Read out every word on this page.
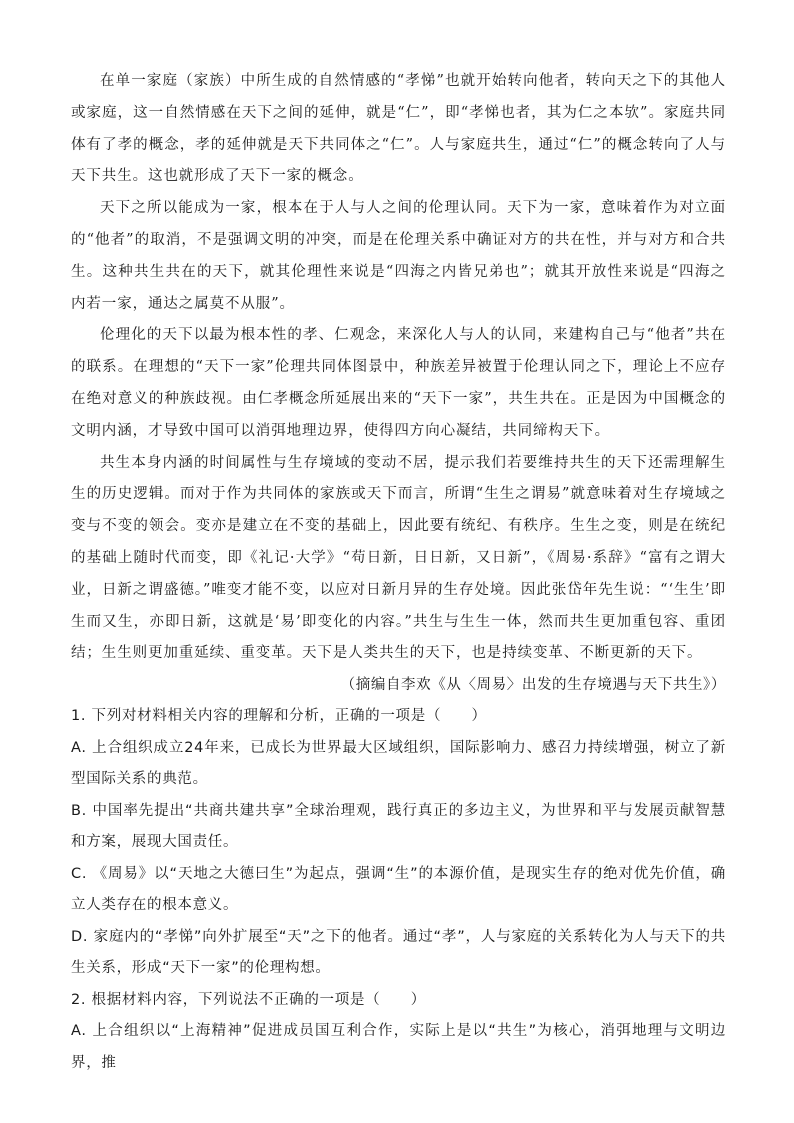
在单一家庭（家族）中所生成的自然情感的“孝悌”也就开始转向他者，转向天之下的其他人或家庭，这一自然情感在天下之间的延伸，就是“仁”，即“孝悌也者，其为仁之本欤”。家庭共同体有了孝的概念，孝的延伸就是天下共同体之“仁”。人与家庭共生，通过“仁”的概念转向了人与天下共生。这也就形成了天下一家的概念。

天下之所以能成为一家，根本在于人与人之间的伦理认同。天下为一家，意味着作为对立面的“他者”的取消，不是强调文明的冲突，而是在伦理关系中确证对方的共在性，并与对方和合共生。这种共生共在的天下，就其伦理性来说是“四海之内皆兄弟也”；就其开放性来说是“四海之内若一家，通达之属莫不从服”。

伦理化的天下以最为根本性的孝、仁观念，来深化人与人的认同，来建构自己与“他者”共在的联系。在理想的“天下一家”伦理共同体图景中，种族差异被置于伦理认同之下，理论上不应存在绝对意义的种族歧视。由仁孝概念所延展出来的“天下一家”，共生共在。正是因为中国概念的文明内涵，才导致中国可以消弭地理边界，使得四方向心凝结，共同缔构天下。

共生本身内涵的时间属性与生存境域的变动不居，提示我们若要维持共生的天下还需理解生生的历史逻辑。而对于作为共同体的家族或天下而言，所谓“生生之谓易”就意味着对生存境域之变与不变的领会。变亦是建立在不变的基础上，因此要有统纪、有秩序。生生之变，则是在统纪的基础上随时代而变，即《礼记·大学》“苟日新，日日新，又日新”，《周易·系辞》“富有之谓大业，日新之谓盛德。”唯变才能不变，以应对日新月异的生存处境。因此张岱年先生说：“‘生生’即生而又生，亦即日新，这就是‘易’即变化的内容。”共生与生生一体，然而共生更加重包容、重团结；生生则更加重延续、重变革。天下是人类共生的天下，也是持续变革、不断更新的天下。

（摘编自李欢《从〈周易〉出发的生存境遇与天下共生》）

1. 下列对材料相关内容的理解和分析，正确的一项是（　　）

A. 上合组织成立24年来，已成长为世界最大区域组织，国际影响力、感召力持续增强，树立了新型国际关系的典范。

B. 中国率先提出“共商共建共享”全球治理观，践行真正的多边主义，为世界和平与发展贡献智慧和方案，展现大国责任。

C. 《周易》以“天地之大德曰生”为起点，强调“生”的本源价值，是现实生存的绝对优先价值，确立人类存在的根本意义。

D. 家庭内的“孝悌”向外扩展至“天”之下的他者。通过“孝”，人与家庭的关系转化为人与天下的共生关系，形成“天下一家”的伦理构想。

2. 根据材料内容，下列说法不正确的一项是（　　）

A. 上合组织以“上海精神”促进成员国互利合作，实际上是以“共生”为核心，消弭地理与文明边界，推
